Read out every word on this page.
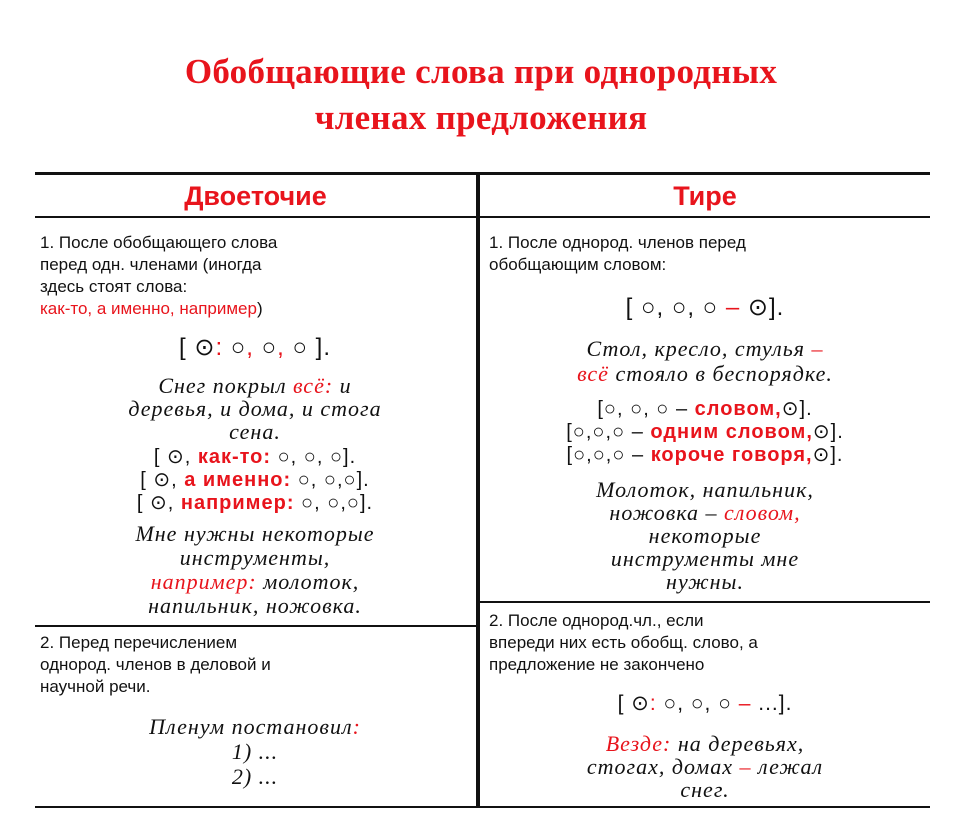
Обобщающие слова при однородных
членах предложения
Двоеточие	Тире
1. После обобщающего слова
перед одн. членами (иногда
здесь стоят слова:
как-то, а именно, например)
[ ⊙: ○, ○, ○ ].
Снег покрыл всё: и
деревья, и дома, и стога
сена.
[ ⊙, как-то: ○, ○, ○].
[ ⊙, а именно: ○, ○,○].
[ ⊙, например: ○, ○,○].
Мне нужны некоторые
инструменты,
например: молоток,
напильник, ножовка.
2. Перед перечислением
однород. членов в деловой и
научной речи.
Пленум постановил:
1) ...
2) ...
1. После однород. членов перед
обобщающим словом:
[ ○, ○, ○ – ⊙].
Стол, кресло, стулья –
всё стояло в беспорядке.
[○, ○, ○ – словом,⊙].
[○,○,○ – одним словом,⊙].
[○,○,○ – короче говоря,⊙].
Молоток, напильник,
ножовка – словом,
некоторые
инструменты мне
нужны.
2. После однород.чл., если
впереди них есть обобщ. слово, а
предложение не закончено
[ ⊙: ○, ○, ○ – ...].
Везде: на деревьях,
стогах, домах – лежал
снег.
